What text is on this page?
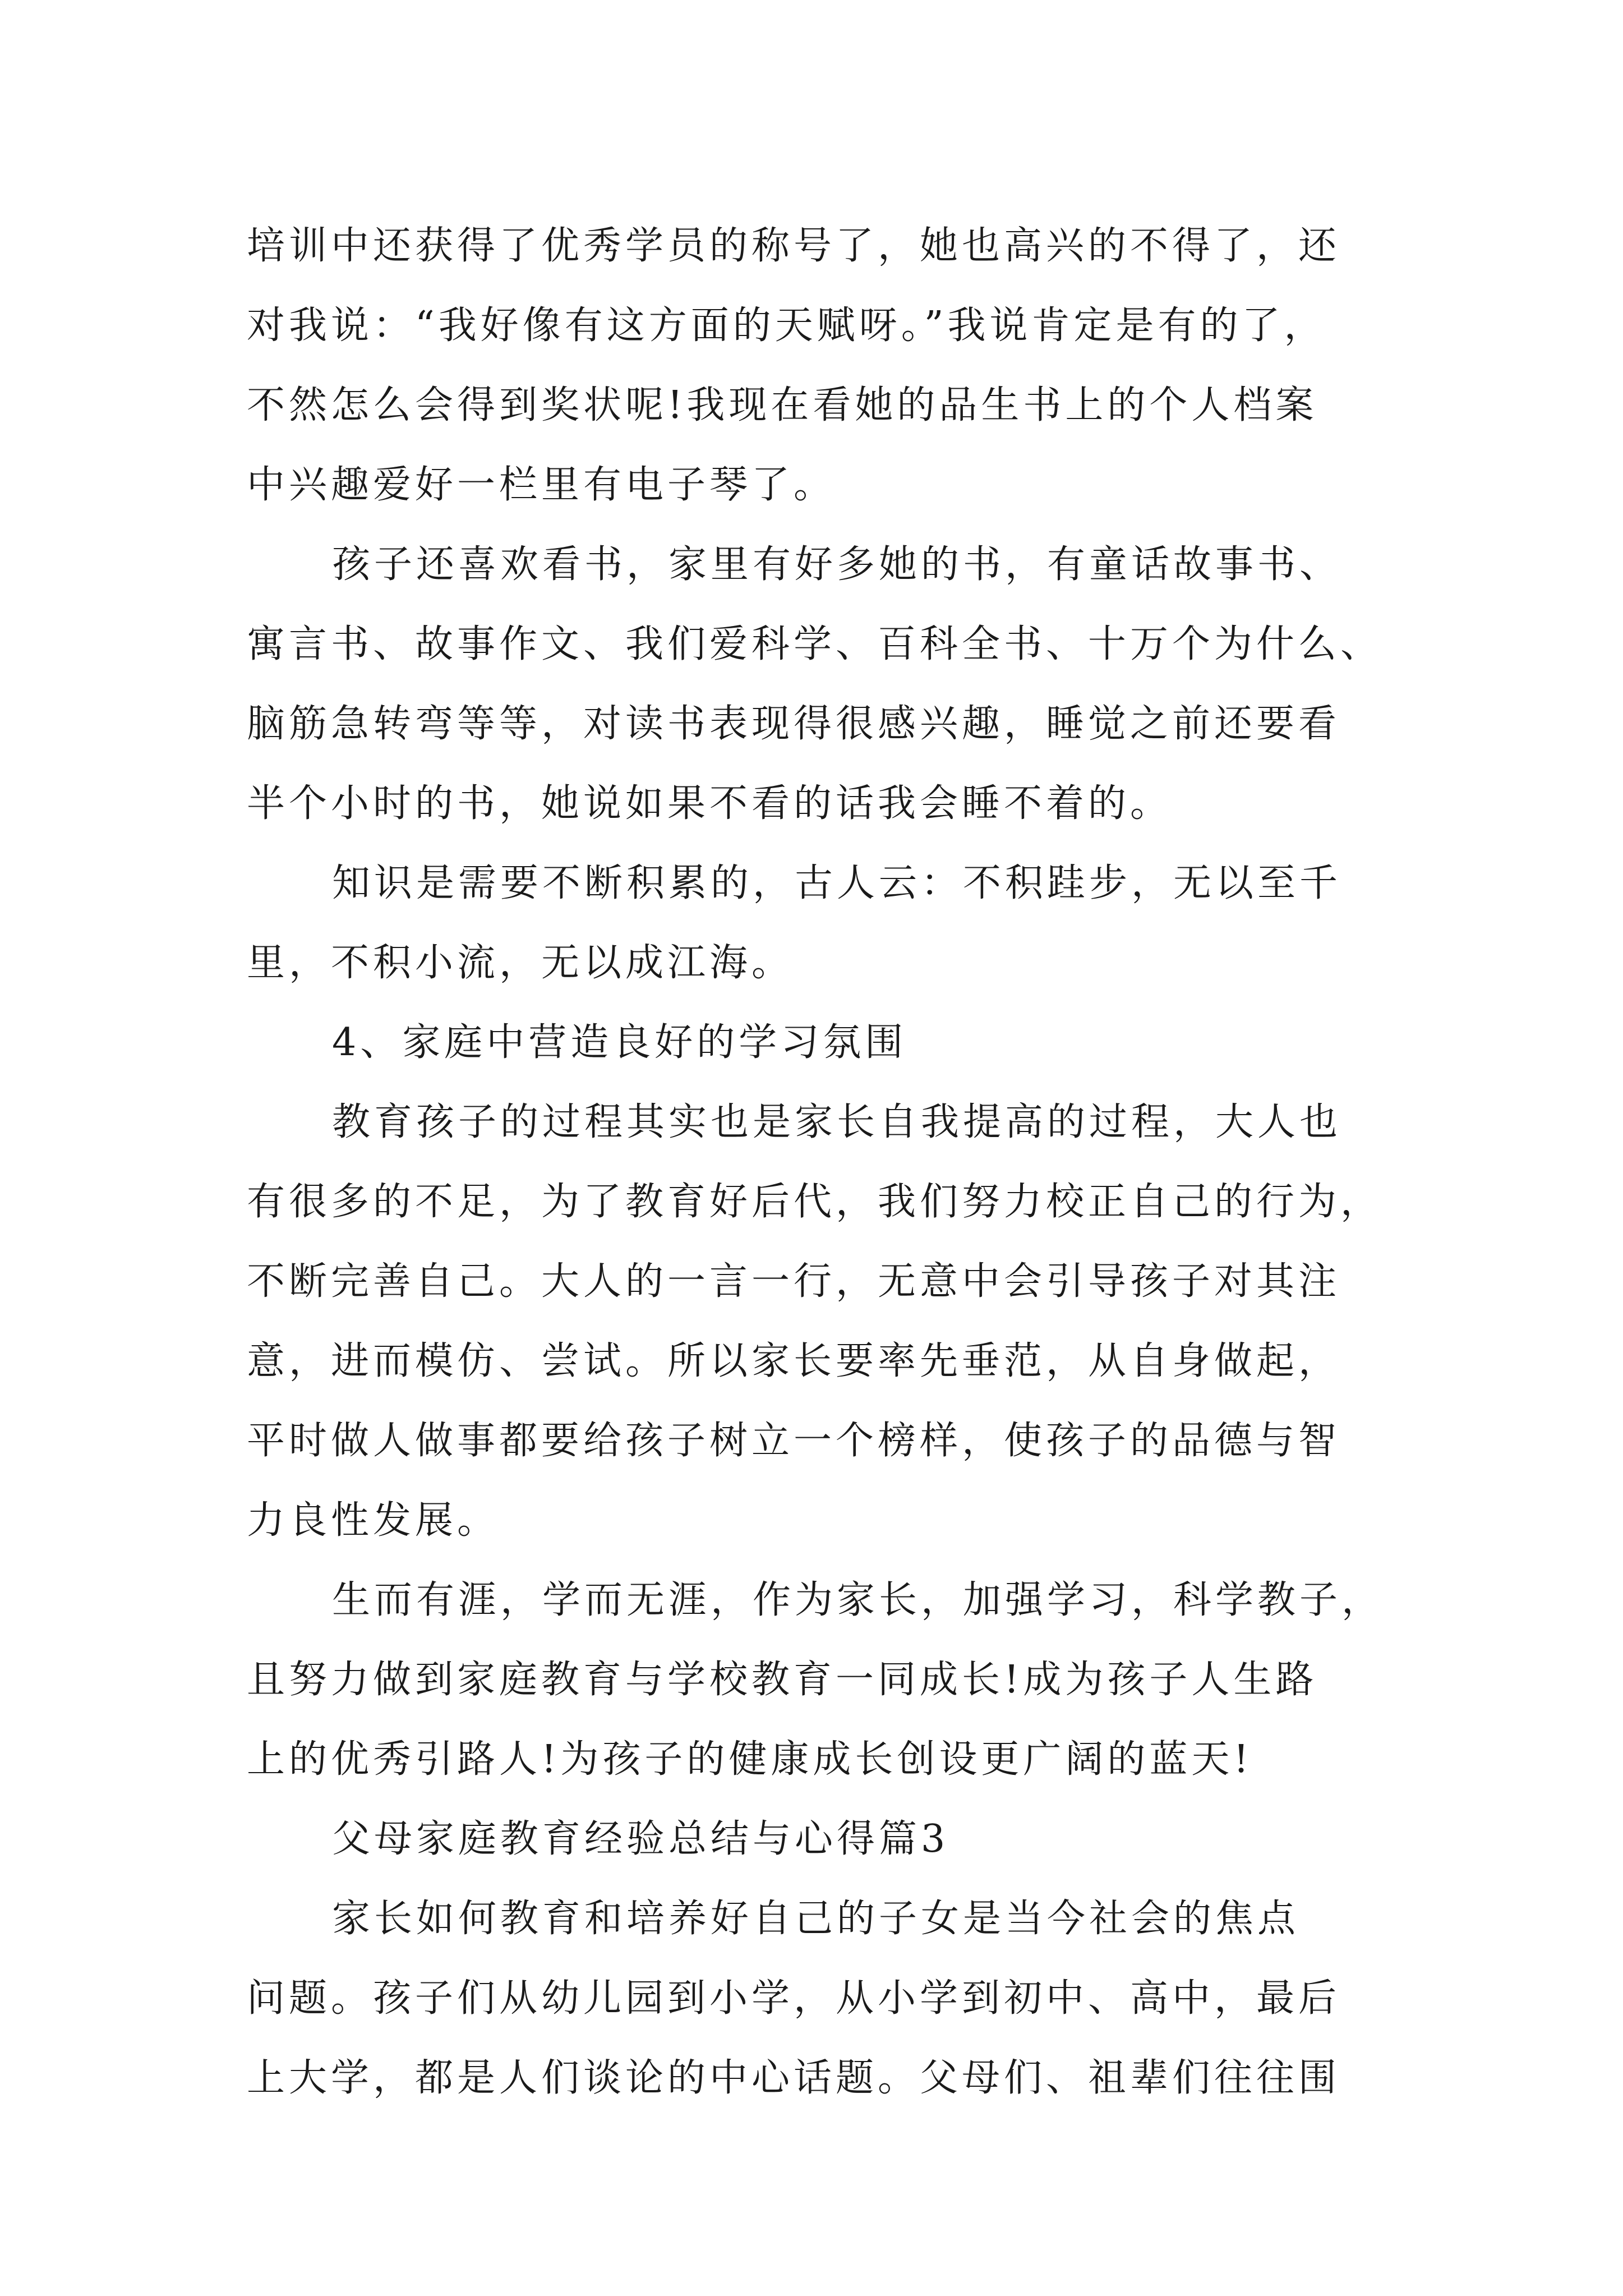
培训中还获得了优秀学员的称号了，她也高兴的不得了，还
对我说：“我好像有这方面的天赋呀。”我说肯定是有的了，
不然怎么会得到奖状呢!我现在看她的品生书上的个人档案
中兴趣爱好一栏里有电子琴了。

孩子还喜欢看书，家里有好多她的书，有童话故事书、
寓言书、故事作文、我们爱科学、百科全书、十万个为什么、
脑筋急转弯等等，对读书表现得很感兴趣，睡觉之前还要看
半个小时的书，她说如果不看的话我会睡不着的。

知识是需要不断积累的，古人云：不积跬步，无以至千
里，不积小流，无以成江海。

4、家庭中营造良好的学习氛围

教育孩子的过程其实也是家长自我提高的过程，大人也
有很多的不足，为了教育好后代，我们努力校正自己的行为，
不断完善自己。大人的一言一行，无意中会引导孩子对其注
意，进而模仿、尝试。所以家长要率先垂范，从自身做起，
平时做人做事都要给孩子树立一个榜样，使孩子的品德与智
力良性发展。

生而有涯，学而无涯，作为家长，加强学习，科学教子，
且努力做到家庭教育与学校教育一同成长!成为孩子人生路
上的优秀引路人!为孩子的健康成长创设更广阔的蓝天!

父母家庭教育经验总结与心得篇3

家长如何教育和培养好自己的子女是当今社会的焦点
问题。孩子们从幼儿园到小学，从小学到初中、高中，最后
上大学，都是人们谈论的中心话题。父母们、祖辈们往往围
